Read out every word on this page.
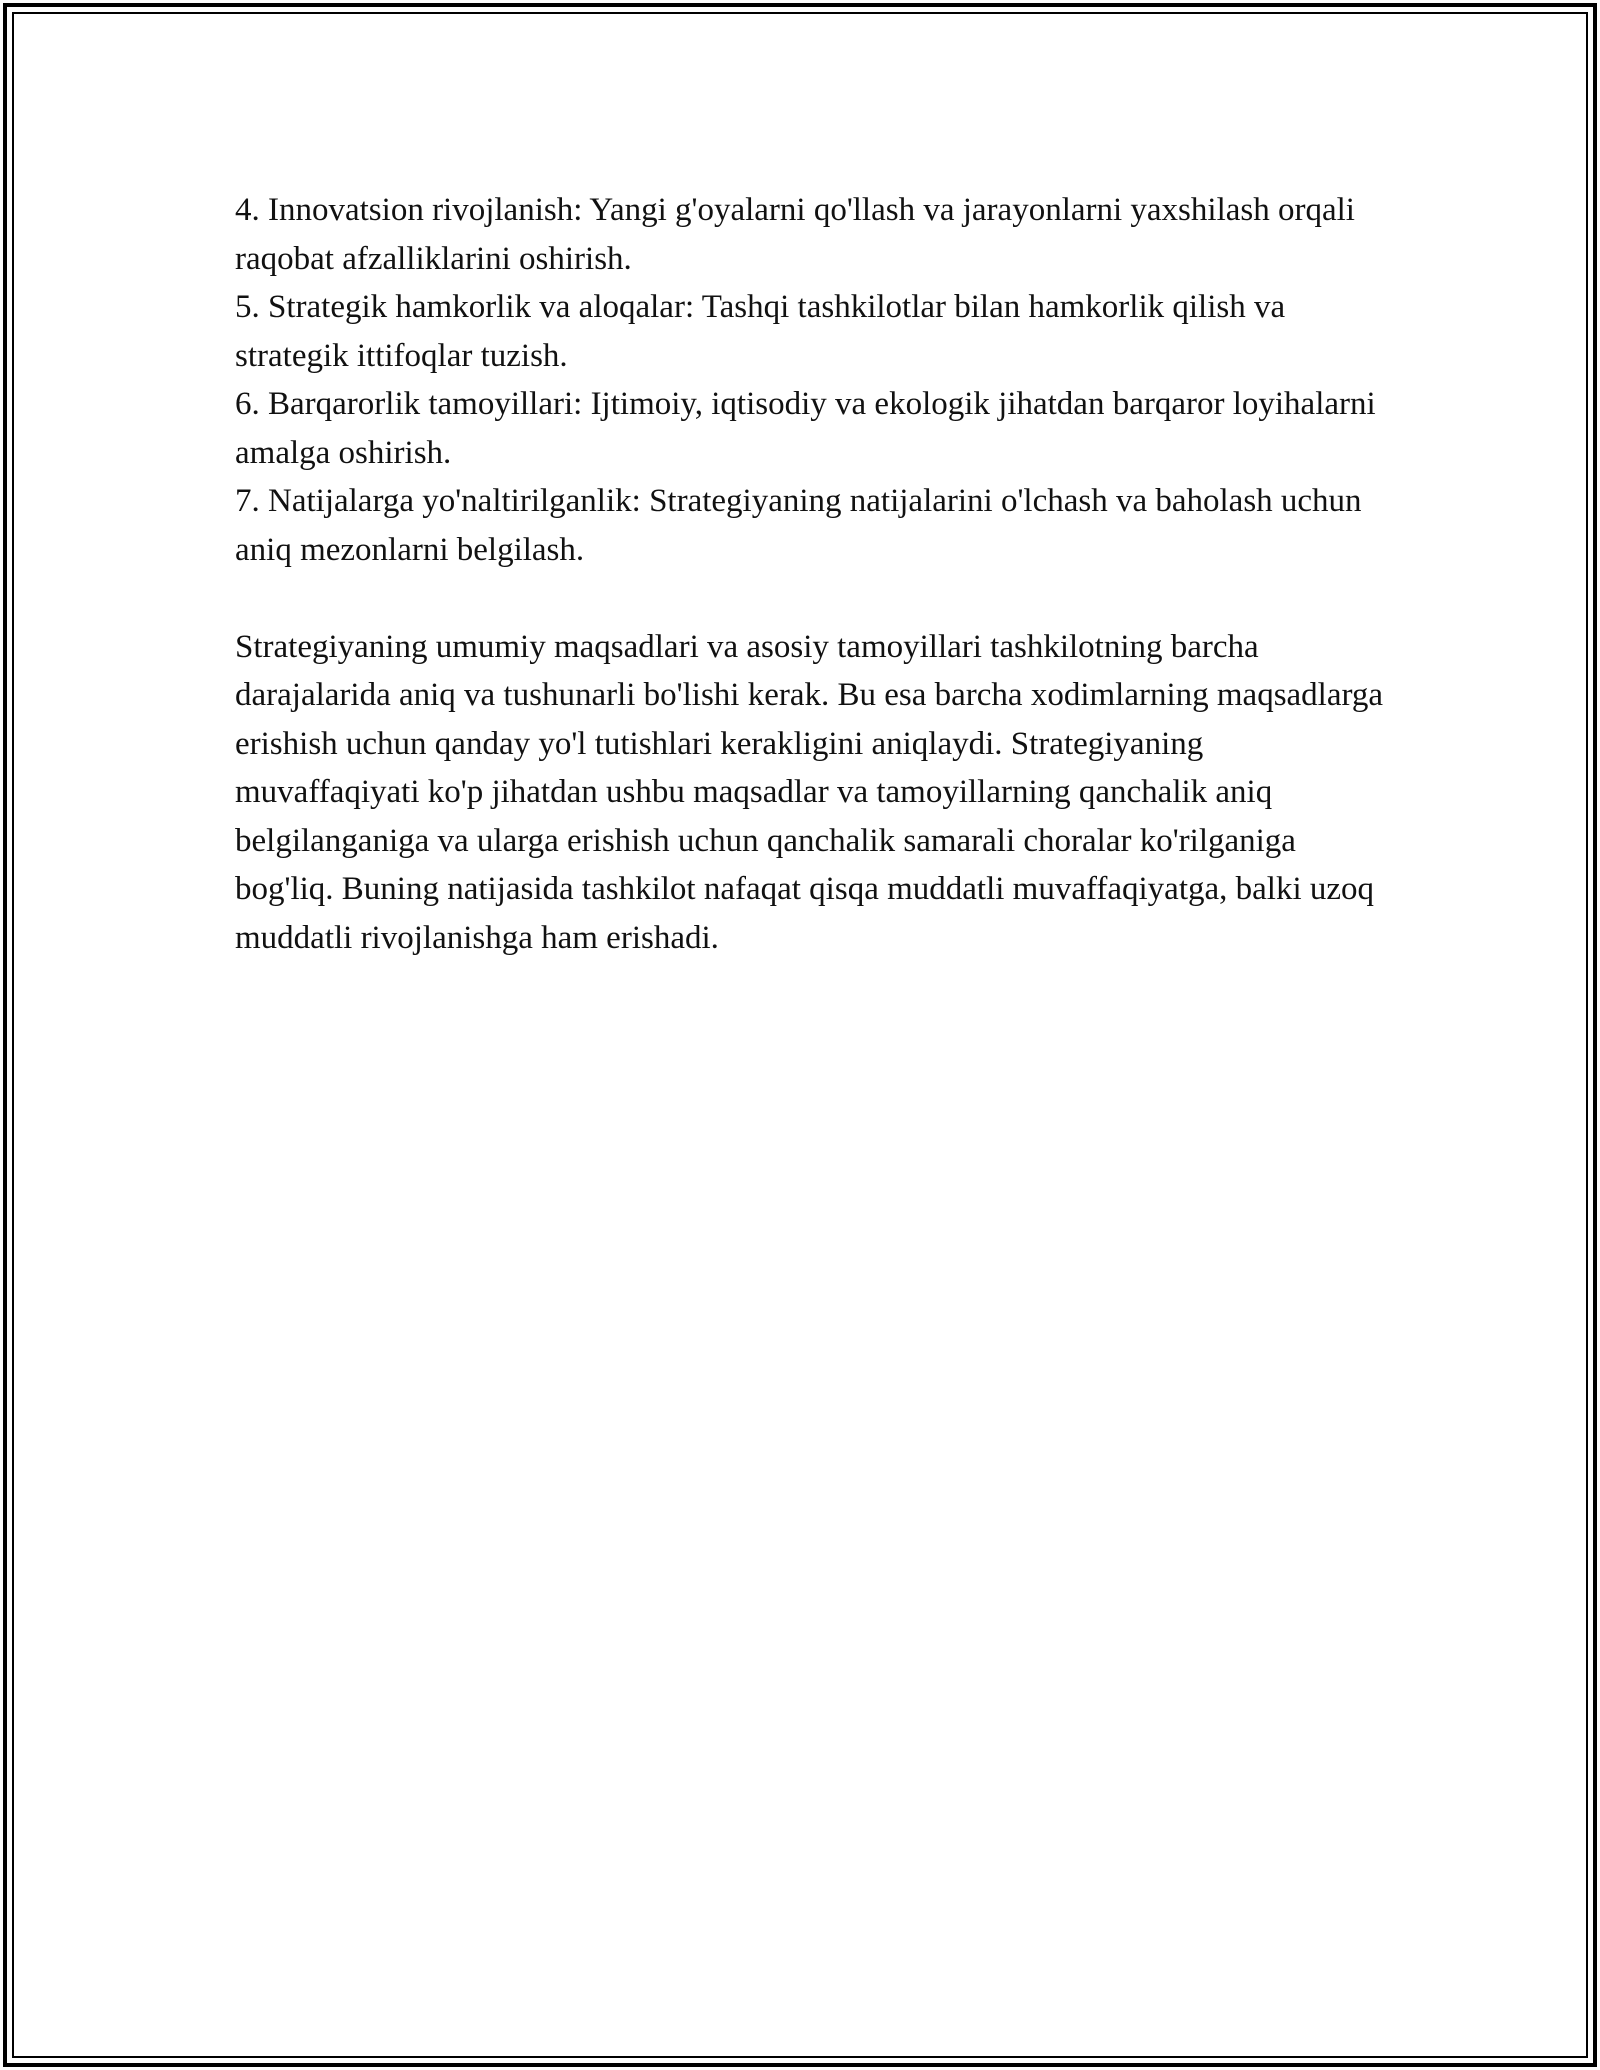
4. Innovatsion rivojlanish: Yangi g'oyalarni qo'llash va jarayonlarni yaxshilash orqali raqobat afzalliklarini oshirish.

5. Strategik hamkorlik va aloqalar: Tashqi tashkilotlar bilan hamkorlik qilish va strategik ittifoqlar tuzish.

6. Barqarorlik tamoyillari: Ijtimoiy, iqtisodiy va ekologik jihatdan barqaror loyihalarni amalga oshirish.

7. Natijalarga yo'naltirilganlik: Strategiyaning natijalarini o'lchash va baholash uchun aniq mezonlarni belgilash.

Strategiyaning umumiy maqsadlari va asosiy tamoyillari tashkilotning barcha darajalarida aniq va tushunarli bo'lishi kerak. Bu esa barcha xodimlarning maqsadlarga erishish uchun qanday yo'l tutishlari kerakligini aniqlaydi. Strategiyaning muvaffaqiyati ko'p jihatdan ushbu maqsadlar va tamoyillarning qanchalik aniq belgilanganiga va ularga erishish uchun qanchalik samarali choralar ko'rilganiga bog'liq. Buning natijasida tashkilot nafaqat qisqa muddatli muvaffaqiyatga, balki uzoq muddatli rivojlanishga ham erishadi.
